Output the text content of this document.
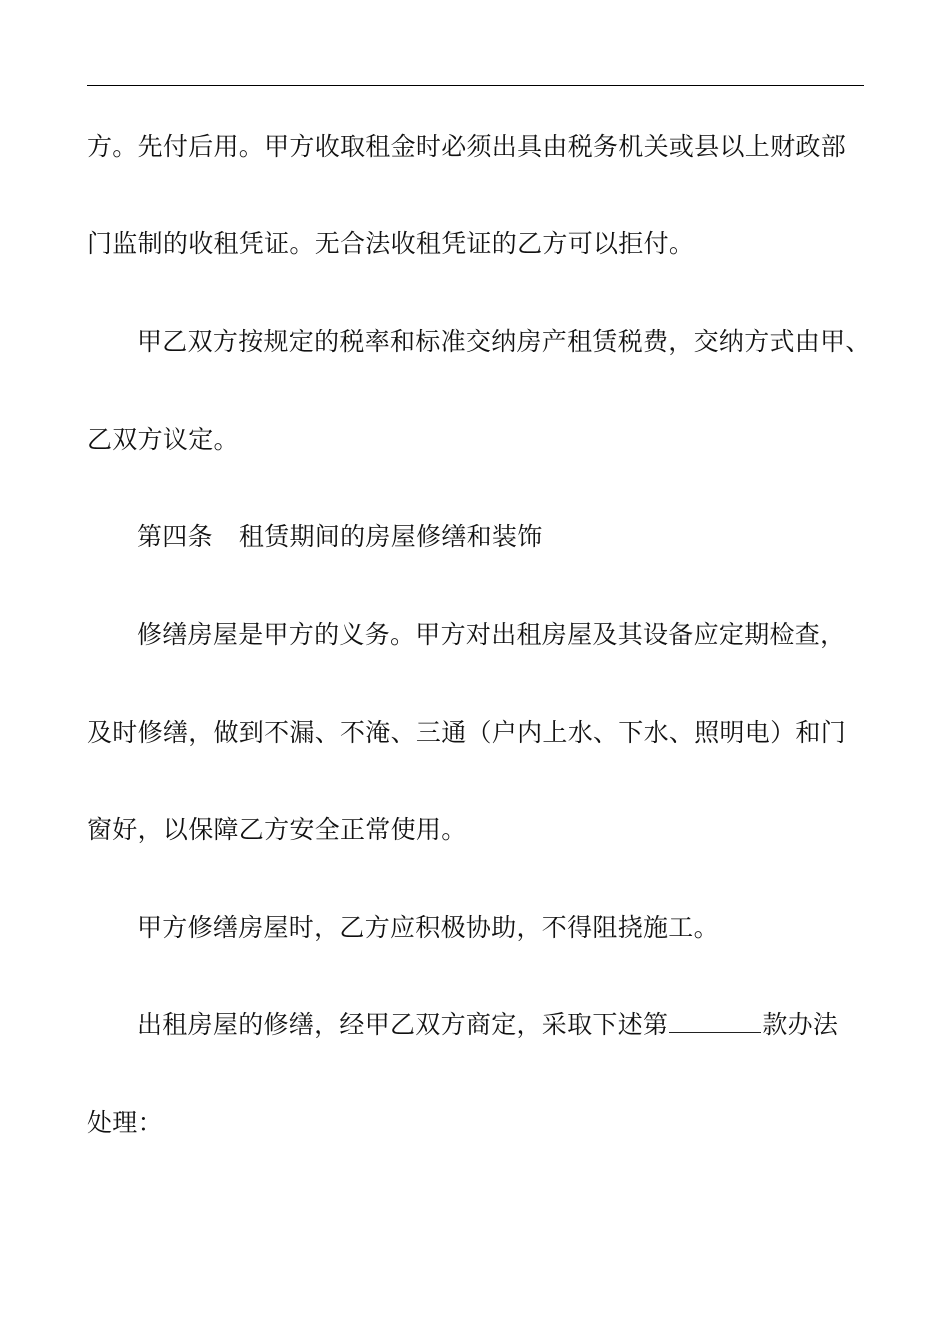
方。先付后用。甲方收取租金时必须出具由税务机关或县以上财政部
门监制的收租凭证。无合法收租凭证的乙方可以拒付。
甲乙双方按规定的税率和标准交纳房产租赁税费，交纳方式由甲、
乙双方议定。
第四条 租赁期间的房屋修缮和装饰
修缮房屋是甲方的义务。甲方对出租房屋及其设备应定期检查，
及时修缮，做到不漏、不淹、三通（户内上水、下水、照明电）和门
窗好，以保障乙方安全正常使用。
甲方修缮房屋时，乙方应积极协助，不得阻挠施工。
出租房屋的修缮，经甲乙双方商定，采取下述第	款办法
处理：
